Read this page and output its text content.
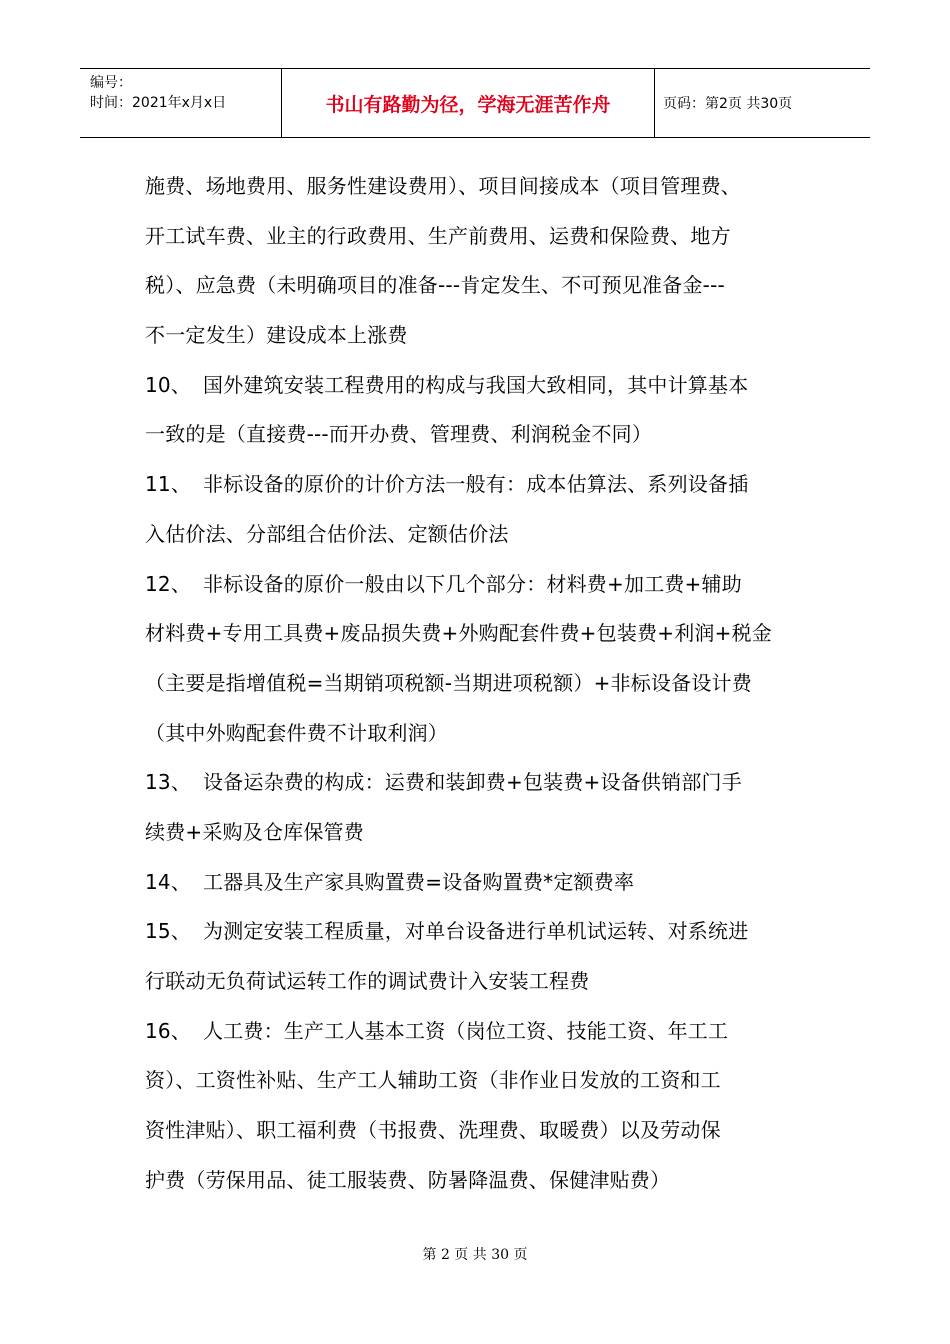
编号：
时间：2021年x月x日	书山有路勤为径，学海无涯苦作舟	页码：第2页 共30页
施费、场地费用、服务性建设费用）、项目间接成本（项目管理费、
开工试车费、业主的行政费用、生产前费用、运费和保险费、地方
税）、应急费（未明确项目的准备---肯定发生、不可预见准备金---
不一定发生）建设成本上涨费
10、 国外建筑安装工程费用的构成与我国大致相同，其中计算基本
一致的是（直接费---而开办费、管理费、利润税金不同）
11、 非标设备的原价的计价方法一般有：成本估算法、系列设备插
入估价法、分部组合估价法、定额估价法
12、 非标设备的原价一般由以下几个部分：材料费+加工费+辅助
材料费+专用工具费+废品损失费+外购配套件费+包装费+利润+税金
（主要是指增值税=当期销项税额-当期进项税额）+非标设备设计费
（其中外购配套件费不计取利润）
13、 设备运杂费的构成：运费和装卸费+包装费+设备供销部门手
续费+采购及仓库保管费
14、 工器具及生产家具购置费=设备购置费*定额费率
15、 为测定安装工程质量，对单台设备进行单机试运转、对系统进
行联动无负荷试运转工作的调试费计入安装工程费
16、 人工费：生产工人基本工资（岗位工资、技能工资、年工工
资）、工资性补贴、生产工人辅助工资（非作业日发放的工资和工
资性津贴）、职工福利费（书报费、洗理费、取暖费）以及劳动保
护费（劳保用品、徒工服装费、防暑降温费、保健津贴费）
第 2 页 共 30 页
